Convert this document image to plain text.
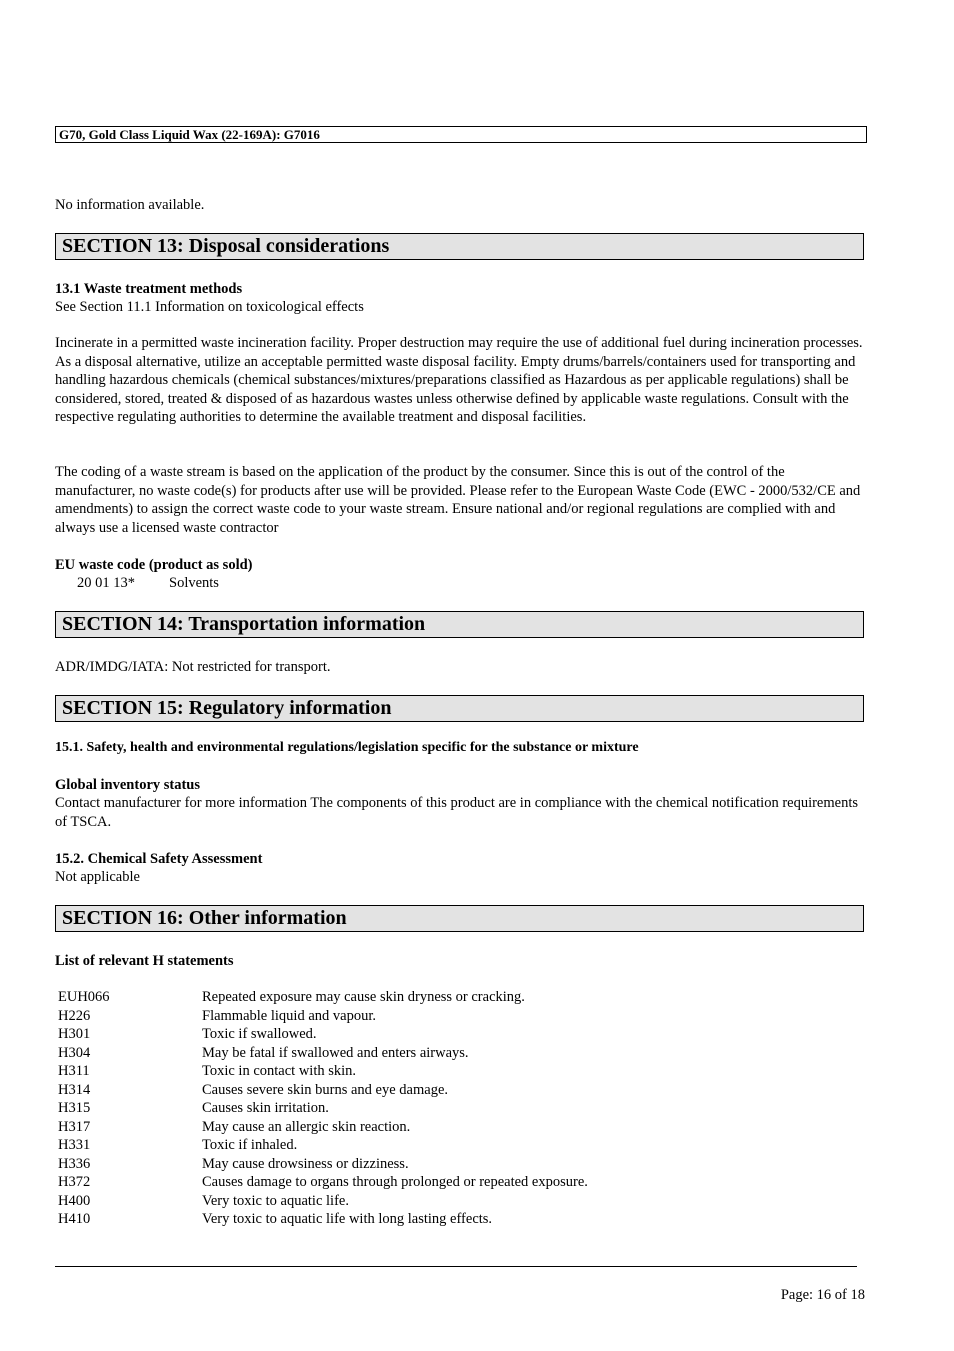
G70, Gold Class Liquid Wax (22-169A): G7016
No information available.
SECTION 13: Disposal considerations
13.1 Waste treatment methods
See Section 11.1 Information on toxicological effects

Incinerate in a permitted waste incineration facility. Proper destruction may require the use of additional fuel during incineration processes. As a disposal alternative, utilize an acceptable permitted waste disposal facility. Empty drums/barrels/containers used for transporting and handling hazardous chemicals (chemical substances/mixtures/preparations classified as Hazardous as per applicable regulations) shall be considered, stored, treated & disposed of as hazardous wastes unless otherwise defined by applicable waste regulations. Consult with the respective regulating authorities to determine the available treatment and disposal facilities.

The coding of a waste stream is based on the application of the product by the consumer. Since this is out of the control of the manufacturer, no waste code(s) for products after use will be provided. Please refer to the European Waste Code (EWC - 2000/532/CE and amendments) to assign the correct waste code to your waste stream. Ensure national and/or regional regulations are complied with and always use a licensed waste contractor

EU waste code (product as sold)
20 01 13* Solvents
SECTION 14: Transportation information
ADR/IMDG/IATA: Not restricted for transport.
SECTION 15: Regulatory information
15.1. Safety, health and environmental regulations/legislation specific for the substance or mixture
Global inventory status

Contact manufacturer for more information The components of this product are in compliance with the chemical notification requirements of TSCA.

15.2. Chemical Safety Assessment
Not applicable
SECTION 16: Other information
List of relevant H statements
EUH066	Repeated exposure may cause skin dryness or cracking.
H226	Flammable liquid and vapour.
H301	Toxic if swallowed.
H304	May be fatal if swallowed and enters airways.
H311	Toxic in contact with skin.
H314	Causes severe skin burns and eye damage.
H315	Causes skin irritation.
H317	May cause an allergic skin reaction.
H331	Toxic if inhaled.
H336	May cause drowsiness or dizziness.
H372	Causes damage to organs through prolonged or repeated exposure.
H400	Very toxic to aquatic life.
H410	Very toxic to aquatic life with long lasting effects.
Page: 16 of 18
